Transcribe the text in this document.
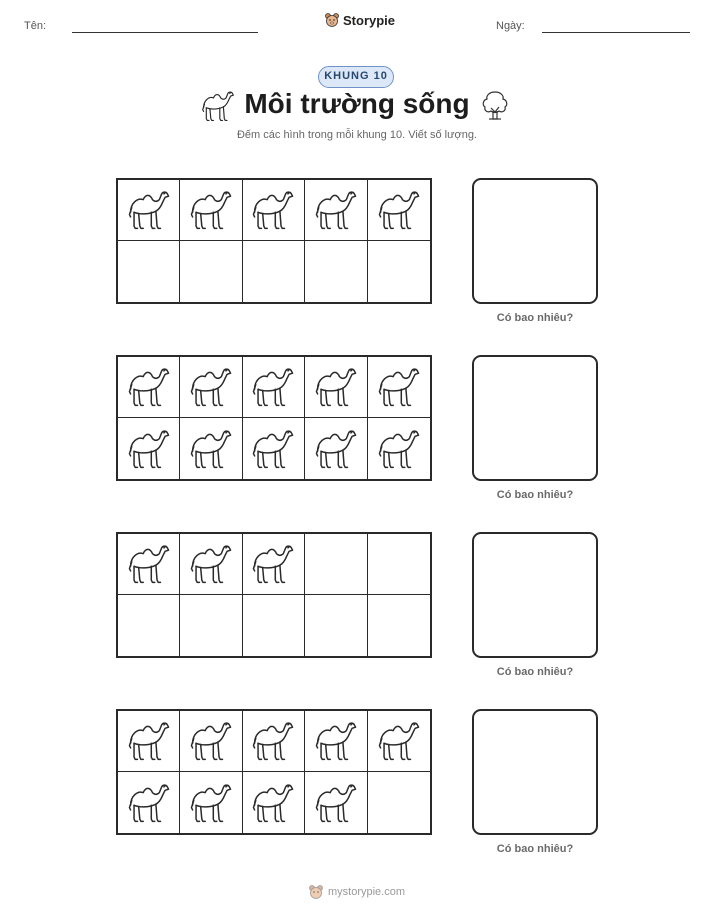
Tên:	Storypie	Ngày:
KHUNG 10
Môi trường sống
Đếm các hình trong mỗi khung 10. Viết số lượng.
Có bao nhiêu?
Có bao nhiêu?
Có bao nhiêu?
Có bao nhiêu?
mystorypie.com
